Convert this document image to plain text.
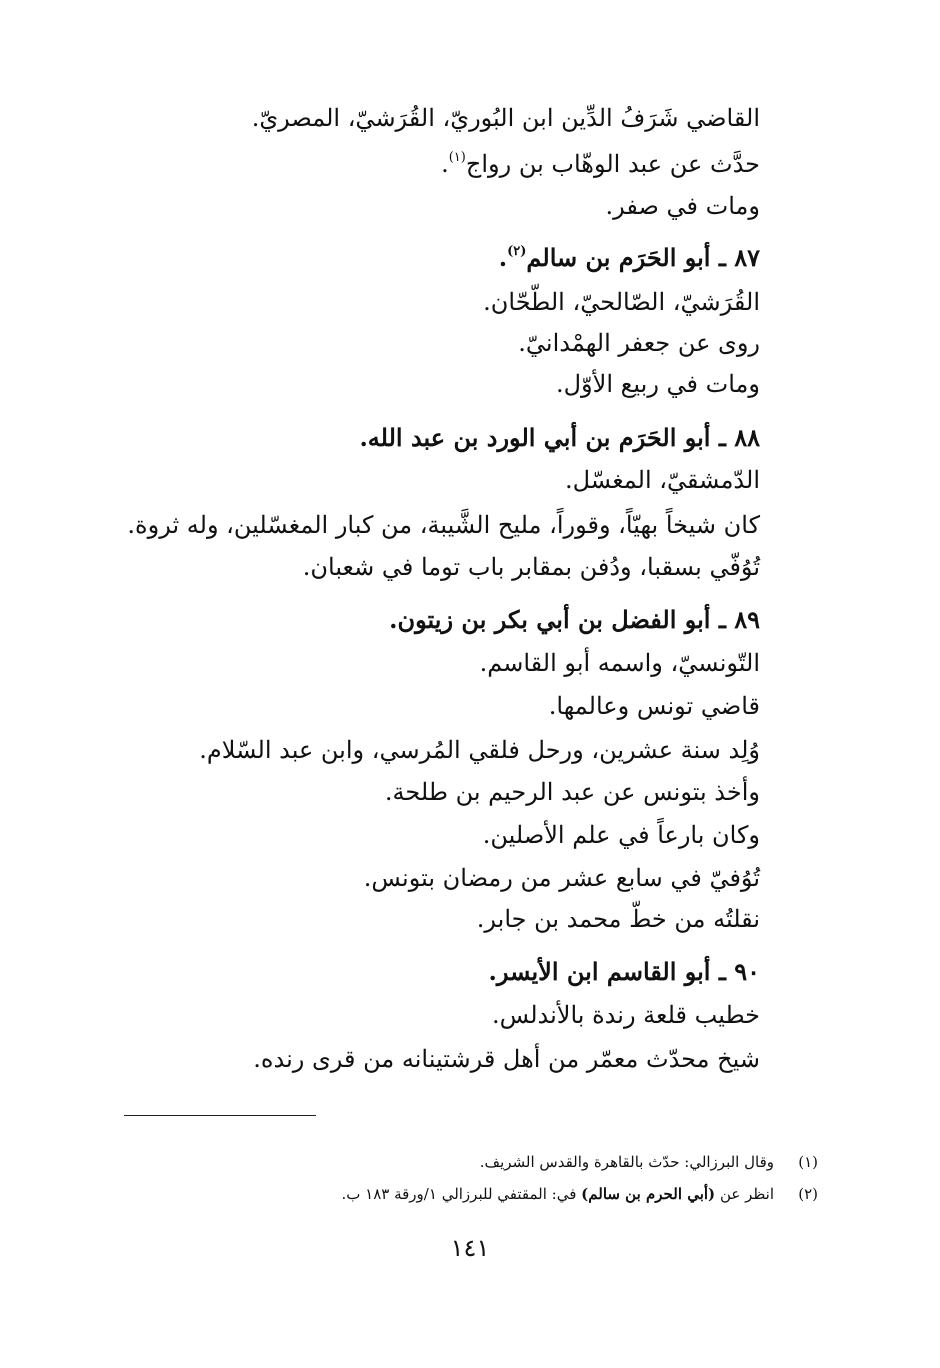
القاضي شَرَفُ الدِّين ابن البُوريّ، القُرَشيّ، المصريّ.
حدَّث عن عبد الوهّاب بن رواج$^{(١)}$.
ومات في صفر.
٨٧ ـ أبو الحَرَم بن سالم$^{(٢)}$.
القُرَشيّ، الصّالحيّ، الطّحّان.
روى عن جعفر الهمْدانيّ.
ومات في ربيع الأوّل.
٨٨ ـ أبو الحَرَم بن أبي الورد بن عبد الله.
الدّمشقيّ، المغسّل.
كان شيخاً بهيّاً، وقوراً، مليح الشَّيبة، من كبار المغسّلين، وله ثروة.
تُوُفّي بسقبا، ودُفن بمقابر باب توما في شعبان.
٨٩ ـ أبو الفضل بن أبي بكر بن زيتون.
التّونسيّ، واسمه أبو القاسم.
قاضي تونس وعالمها.
وُلِد سنة عشرين، ورحل فلقي المُرسي، وابن عبد السّلام.
وأخذ بتونس عن عبد الرحيم بن طلحة.
وكان بارعاً في علم الأصلين.
تُوُفيّ في سابع عشر من رمضان بتونس.
نقلتُه من خطّ محمد بن جابر.
٩٠ ـ أبو القاسم ابن الأيسر.
خطيب قلعة رندة بالأندلس.
شيخ محدّث معمّر من أهل قرشتينانه من قرى رنده.
(١)وقال البرزالي: حدّث بالقاهرة والقدس الشريف.
(٢)انظر عن (أبي الحرم بن سالم) في: المقتفي للبرزالي ١/ورقة ١٨٣ ب.
١٤١
